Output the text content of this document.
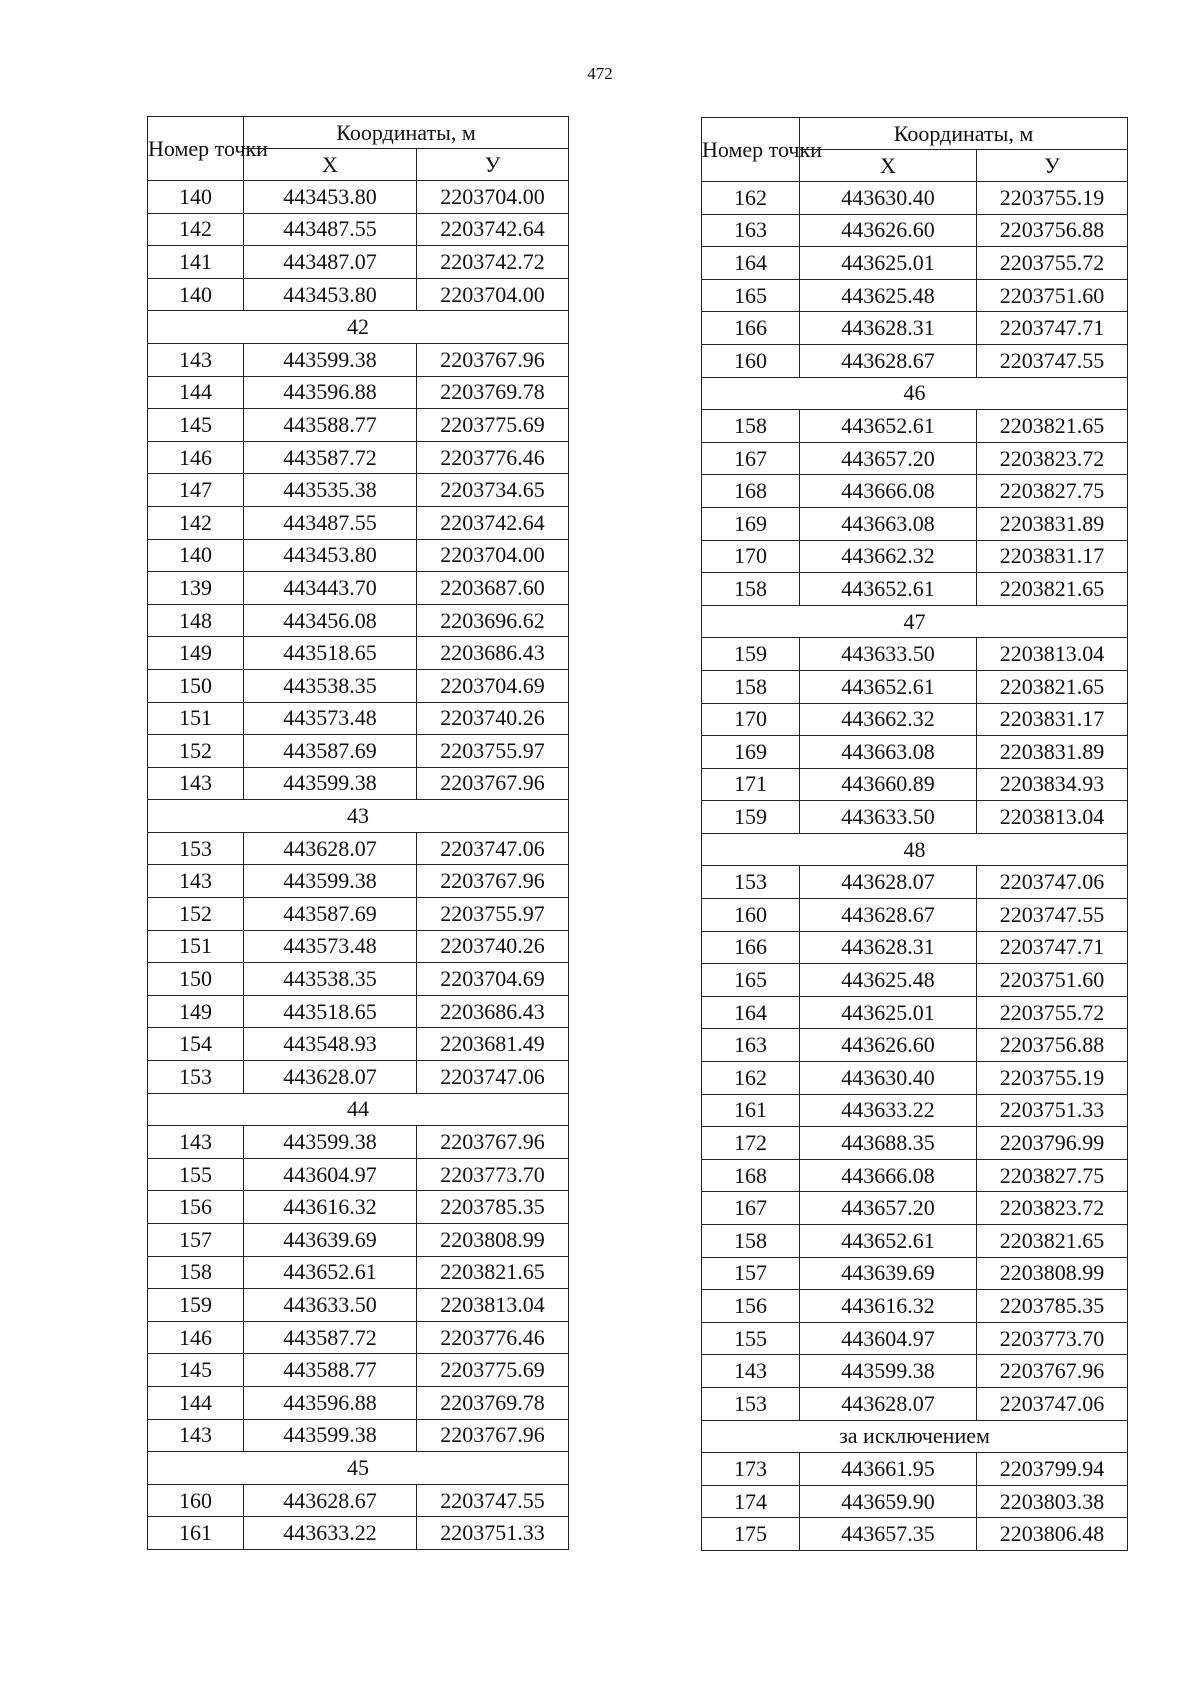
472
Номер точки	Координаты, м	
	X	У
140	443453.80	2203704.00
142	443487.55	2203742.64
141	443487.07	2203742.72
140	443453.80	2203704.00
42		
143	443599.38	2203767.96
144	443596.88	2203769.78
145	443588.77	2203775.69
146	443587.72	2203776.46
147	443535.38	2203734.65
142	443487.55	2203742.64
140	443453.80	2203704.00
139	443443.70	2203687.60
148	443456.08	2203696.62
149	443518.65	2203686.43
150	443538.35	2203704.69
151	443573.48	2203740.26
152	443587.69	2203755.97
143	443599.38	2203767.96
43		
153	443628.07	2203747.06
143	443599.38	2203767.96
152	443587.69	2203755.97
151	443573.48	2203740.26
150	443538.35	2203704.69
149	443518.65	2203686.43
154	443548.93	2203681.49
153	443628.07	2203747.06
44		
143	443599.38	2203767.96
155	443604.97	2203773.70
156	443616.32	2203785.35
157	443639.69	2203808.99
158	443652.61	2203821.65
159	443633.50	2203813.04
146	443587.72	2203776.46
145	443588.77	2203775.69
144	443596.88	2203769.78
143	443599.38	2203767.96
45		
160	443628.67	2203747.55
161	443633.22	2203751.33
Номер точки	Координаты, м	
	X	У
162	443630.40	2203755.19
163	443626.60	2203756.88
164	443625.01	2203755.72
165	443625.48	2203751.60
166	443628.31	2203747.71
160	443628.67	2203747.55
46		
158	443652.61	2203821.65
167	443657.20	2203823.72
168	443666.08	2203827.75
169	443663.08	2203831.89
170	443662.32	2203831.17
158	443652.61	2203821.65
47		
159	443633.50	2203813.04
158	443652.61	2203821.65
170	443662.32	2203831.17
169	443663.08	2203831.89
171	443660.89	2203834.93
159	443633.50	2203813.04
48		
153	443628.07	2203747.06
160	443628.67	2203747.55
166	443628.31	2203747.71
165	443625.48	2203751.60
164	443625.01	2203755.72
163	443626.60	2203756.88
162	443630.40	2203755.19
161	443633.22	2203751.33
172	443688.35	2203796.99
168	443666.08	2203827.75
167	443657.20	2203823.72
158	443652.61	2203821.65
157	443639.69	2203808.99
156	443616.32	2203785.35
155	443604.97	2203773.70
143	443599.38	2203767.96
153	443628.07	2203747.06
за исключением		
173	443661.95	2203799.94
174	443659.90	2203803.38
175	443657.35	2203806.48
